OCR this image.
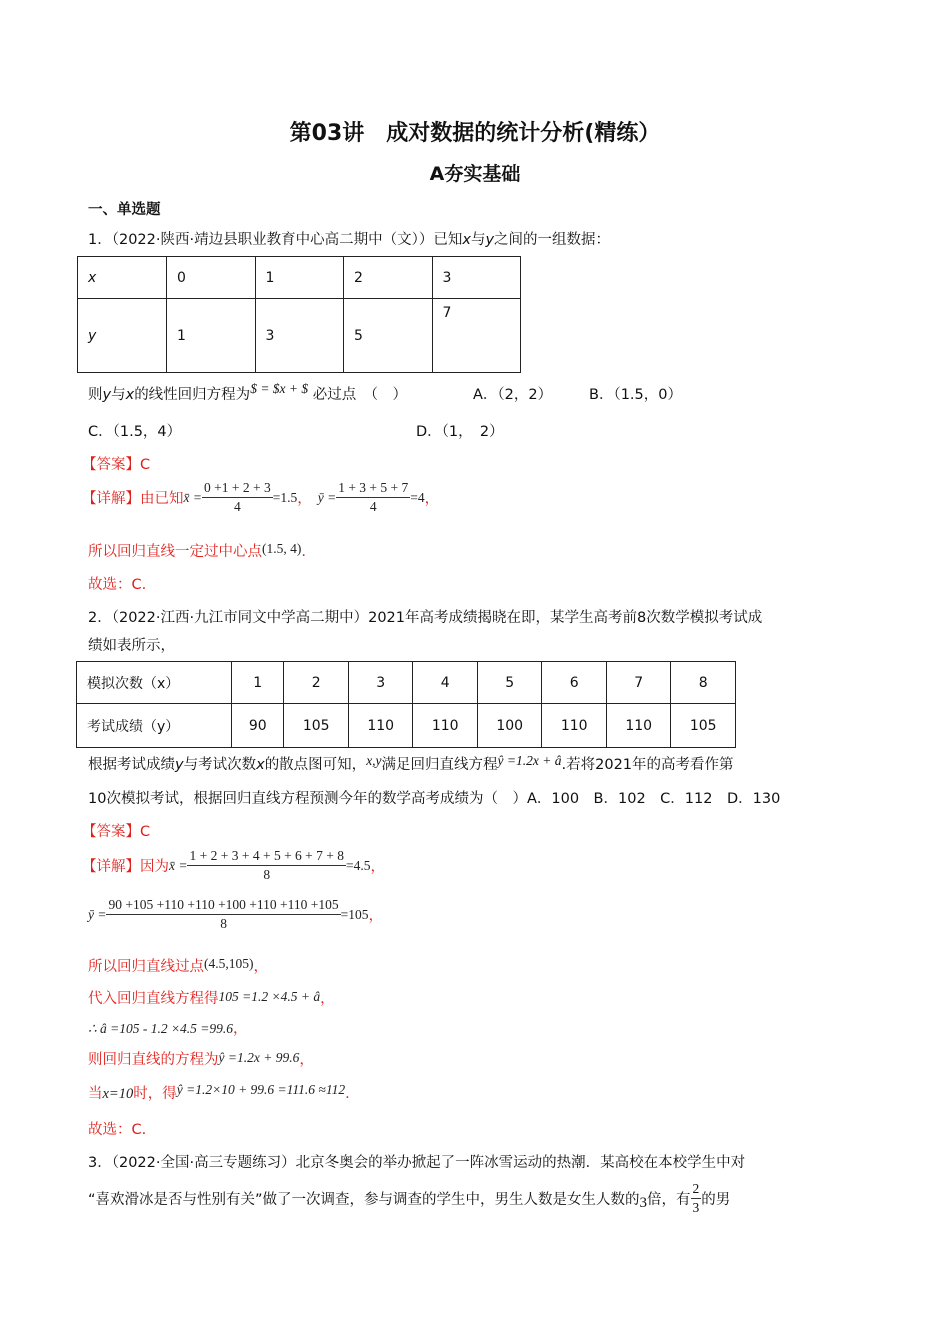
第03讲　成对数据的统计分析(精练）
A夯实基础
一、单选题
1．（2022·陕西·靖边县职业教育中心高二期中（文））已知x与y之间的一组数据：
x	0	1	2	3
y	1	3	5	7
则y与x的线性回归方程为$ = $x + $ 必过点　（　）	A．（2，2）	B．（1.5，0）
C．（1.5，4）	D．（1，　2）
【答案】C
【详解】由已知 x̄ = $\frac{0 +1 + 2 + 3}{4} =1.5$ ， ȳ = $\frac{1 + 3 + 5 + 7}{4} =4$ ，
所以回归直线一定过中心点(1.5, 4).
故选：C.
2．（2022·江西·九江市同文中学高二期中）2021年高考成绩揭晓在即，某学生高考前8次数学模拟考试成
绩如表所示，
模拟次数（x）	1	2	3	4	5	6	7	8
考试成绩（y）	90	105	110	110	100	110	110	105
根据考试成绩y与考试次数x的散点图可知，x,y满足回归直线方程ŷ =1.2x + â.若将2021年的高考看作第
10次模拟考试，根据回归直线方程预测今年的数学高考成绩为（　）A．100　B．102　C．112　D．130
【答案】C
【详解】因为 x̄ = $\frac{1 + 2 + 3 + 4 + 5 + 6 + 7 + 8}{8} =4.5$ ，
ȳ = $\frac{90 +105 +110 +110 +100 +110 +110 +105}{8} =105$ ，
所以回归直线过点(4.5,105)，
代入回归直线方程得105 =1.2 ×4.5 + â，
∴ â =105 - 1.2 ×4.5 =99.6，
则回归直线的方程为ŷ =1.2x + 99.6，
当x=10时，得ŷ =1.2×10 + 99.6 =111.6 ≈112.
故选：C.
3．（2022·全国·高三专题练习）北京冬奥会的举办掀起了一阵冰雪运动的热潮．某高校在本校学生中对
“喜欢滑冰是否与性别有关”做了一次调查，参与调查的学生中，男生人数是女生人数的 3 倍，有 $\frac{2}{3}$ 的男
